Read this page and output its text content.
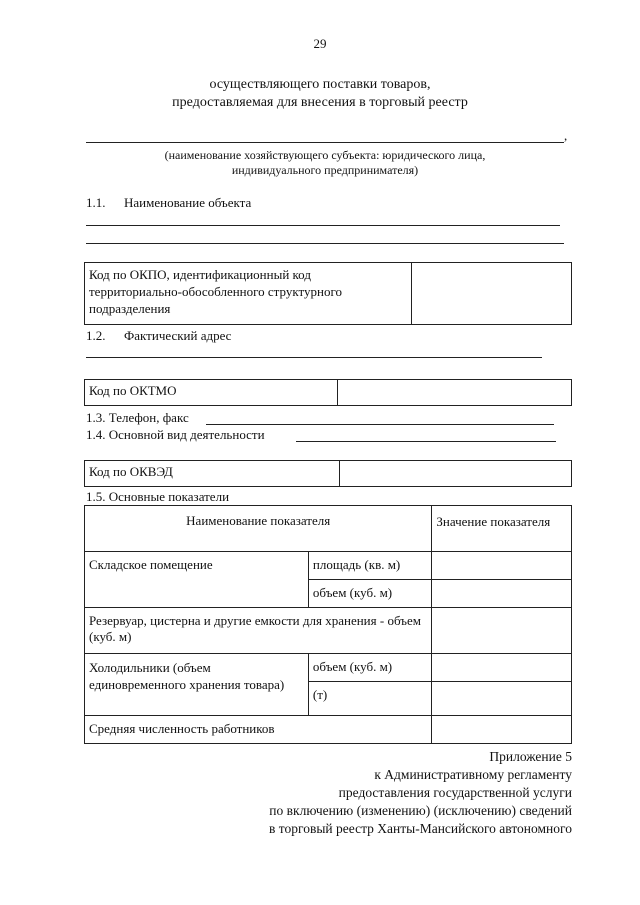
29
осуществляющего поставки товаров,
предоставляемая для внесения в торговый реестр
,
(наименование хозяйствующего субъекта: юридического лица,
индивидуального предпринимателя)
1.1. Наименование объекта
Код по ОКПО, идентификационный код территориально-обособленного структурного подразделения	
1.2. Фактический адрес
Код по ОКТМО	
1.3. Телефон, факс
1.4. Основной вид деятельности
Код по ОКВЭД	
1.5. Основные показатели
Наименование показателя		Значение показателя
Складское помещение	площадь (кв. м)	
	объем (куб. м)	
Резервуар, цистерна и другие емкости для хранения - объем (куб. м)		
Холодильники (объем единовременного хранения товара)	объем (куб. м)	
	(т)	
Средняя численность работников		
Приложение 5
к Административному регламенту
предоставления государственной услуги
по включению (изменению) (исключению) сведений
в торговый реестр Ханты-Мансийского автономного
